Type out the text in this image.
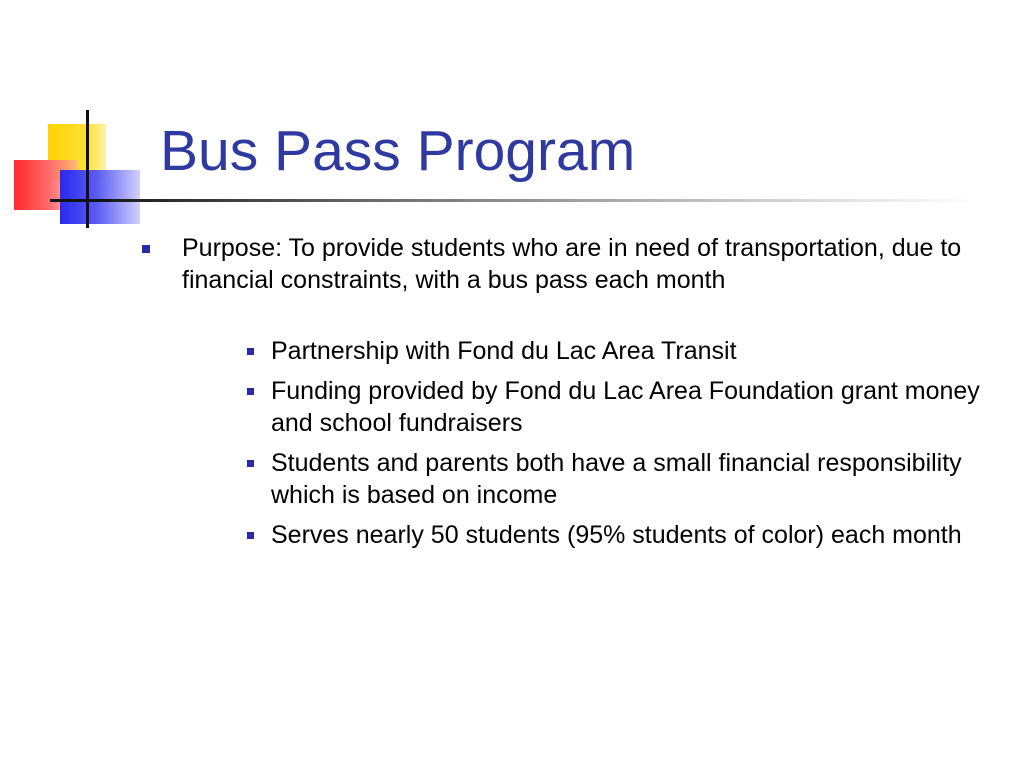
Bus Pass Program
Purpose: To provide students who are in need of transportation, due to financial constraints, with a bus pass each month
Partnership with Fond du Lac Area Transit
Funding provided by Fond du Lac Area Foundation grant money and school fundraisers
Students and parents both have a small financial responsibility which is based on income
Serves nearly 50 students (95% students of color) each month
